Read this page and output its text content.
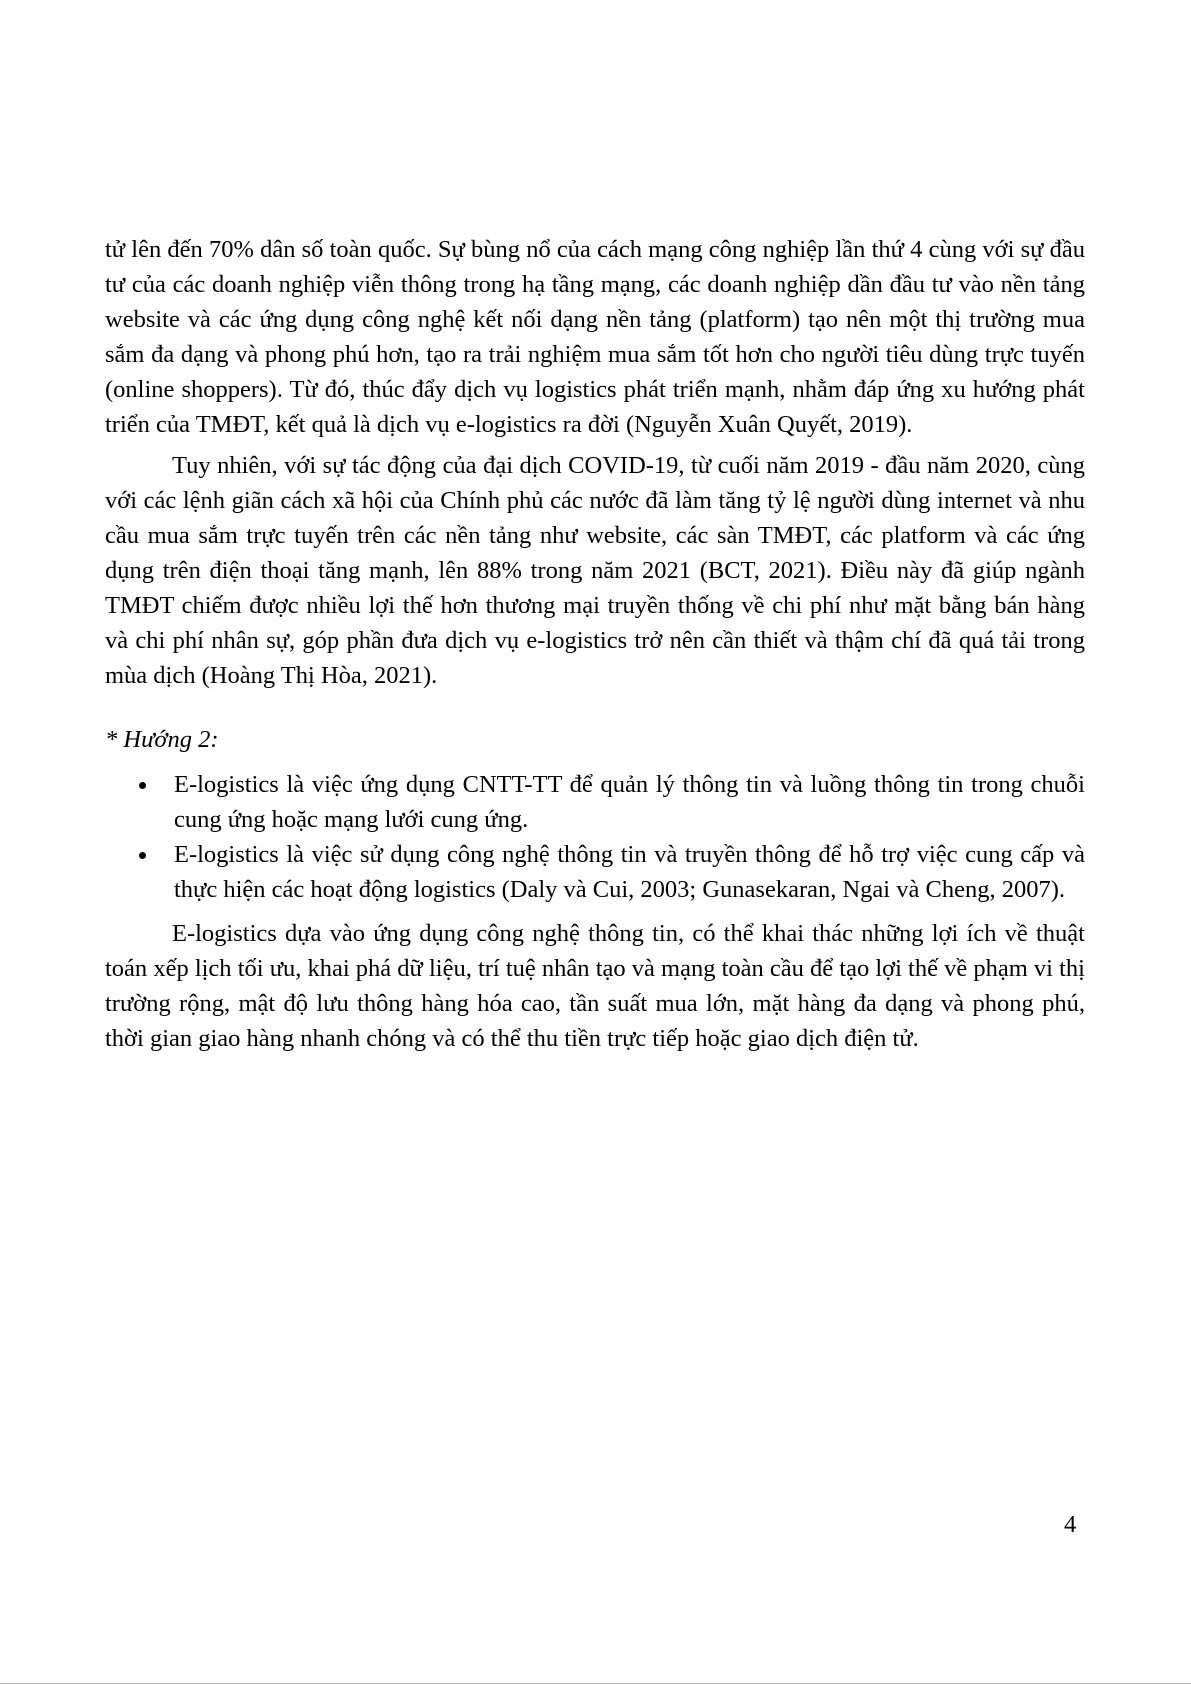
tử lên đến 70% dân số toàn quốc. Sự bùng nổ của cách mạng công nghiệp lần thứ 4 cùng với sự đầu tư của các doanh nghiệp viễn thông trong hạ tầng mạng, các doanh nghiệp dần đầu tư vào nền tảng website và các ứng dụng công nghệ kết nối dạng nền tảng (platform) tạo nên một thị trường mua sắm đa dạng và phong phú hơn, tạo ra trải nghiệm mua sắm tốt hơn cho người tiêu dùng trực tuyến (online shoppers). Từ đó, thúc đẩy dịch vụ logistics phát triển mạnh, nhằm đáp ứng xu hướng phát triển của TMĐT, kết quả là dịch vụ e-logistics ra đời (Nguyễn Xuân Quyết, 2019).

Tuy nhiên, với sự tác động của đại dịch COVID-19, từ cuối năm 2019 - đầu năm 2020, cùng với các lệnh giãn cách xã hội của Chính phủ các nước đã làm tăng tỷ lệ người dùng internet và nhu cầu mua sắm trực tuyến trên các nền tảng như website, các sàn TMĐT, các platform và các ứng dụng trên điện thoại tăng mạnh, lên 88% trong năm 2021 (BCT, 2021). Điều này đã giúp ngành TMĐT chiếm được nhiều lợi thế hơn thương mại truyền thống về chi phí như mặt bằng bán hàng và chi phí nhân sự, góp phần đưa dịch vụ e-logistics trở nên cần thiết và thậm chí đã quá tải trong mùa dịch (Hoàng Thị Hòa, 2021).

* Hướng 2:

E-logistics là việc ứng dụng CNTT-TT để quản lý thông tin và luồng thông tin trong chuỗi cung ứng hoặc mạng lưới cung ứng.
E-logistics là việc sử dụng công nghệ thông tin và truyền thông để hỗ trợ việc cung cấp và thực hiện các hoạt động logistics (Daly và Cui, 2003; Gunasekaran, Ngai và Cheng, 2007).

E-logistics dựa vào ứng dụng công nghệ thông tin, có thể khai thác những lợi ích về thuật toán xếp lịch tối ưu, khai phá dữ liệu, trí tuệ nhân tạo và mạng toàn cầu để tạo lợi thế về phạm vi thị trường rộng, mật độ lưu thông hàng hóa cao, tần suất mua lớn, mặt hàng đa dạng và phong phú, thời gian giao hàng nhanh chóng và có thể thu tiền trực tiếp hoặc giao dịch điện tử.

4
